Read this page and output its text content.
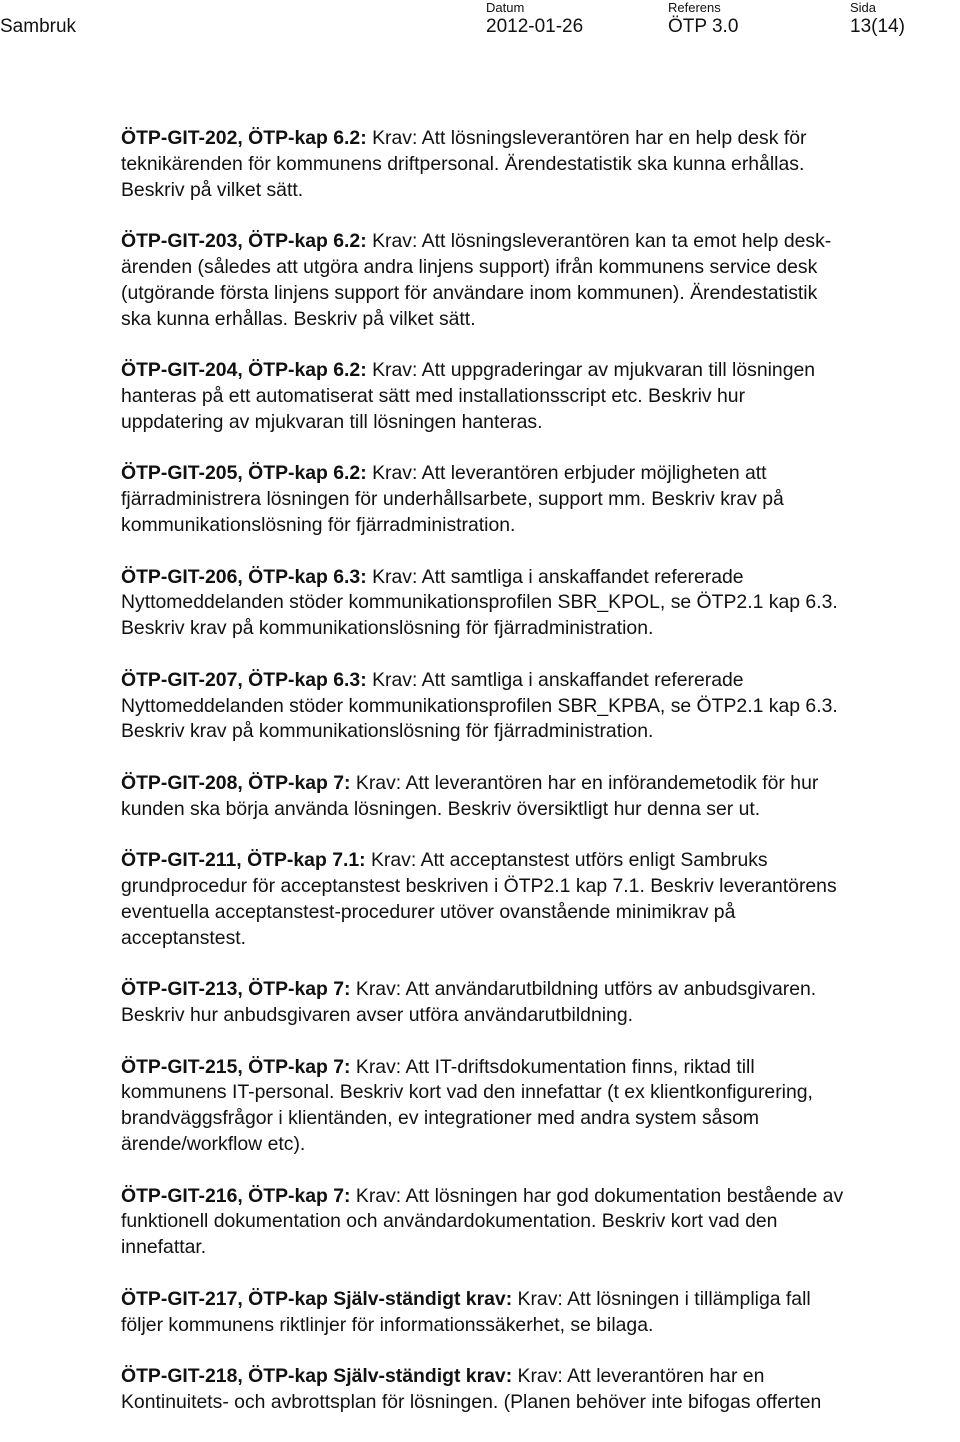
Sambruk
Datum
2012-01-26
Referens
ÖTP 3.0
Sida
13(14)

ÖTP-GIT-202, ÖTP-kap 6.2: Krav: Att lösningsleverantören har en help desk för
teknikärenden för kommunens driftpersonal. Ärendestatistik ska kunna erhållas.
Beskriv på vilket sätt.

ÖTP-GIT-203, ÖTP-kap 6.2: Krav: Att lösningsleverantören kan ta emot help desk-
ärenden (således att utgöra andra linjens support) ifrån kommunens service desk
(utgörande första linjens support för användare inom kommunen). Ärendestatistik
ska kunna erhållas. Beskriv på vilket sätt.

ÖTP-GIT-204, ÖTP-kap 6.2: Krav: Att uppgraderingar av mjukvaran till lösningen
hanteras på ett automatiserat sätt med installationsscript etc. Beskriv hur
uppdatering av mjukvaran till lösningen hanteras.

ÖTP-GIT-205, ÖTP-kap 6.2: Krav: Att leverantören erbjuder möjligheten att
fjärradministrera lösningen för underhållsarbete, support mm. Beskriv krav på
kommunikationslösning för fjärradministration.

ÖTP-GIT-206, ÖTP-kap 6.3: Krav: Att samtliga i anskaffandet refererade
Nyttomeddelanden stöder kommunikationsprofilen SBR_KPOL, se ÖTP2.1 kap 6.3.
Beskriv krav på kommunikationslösning för fjärradministration.

ÖTP-GIT-207, ÖTP-kap 6.3: Krav: Att samtliga i anskaffandet refererade
Nyttomeddelanden stöder kommunikationsprofilen SBR_KPBA, se ÖTP2.1 kap 6.3.
Beskriv krav på kommunikationslösning för fjärradministration.

ÖTP-GIT-208, ÖTP-kap 7: Krav: Att leverantören har en införandemetodik för hur
kunden ska börja använda lösningen. Beskriv översiktligt hur denna ser ut.

ÖTP-GIT-211, ÖTP-kap 7.1: Krav: Att acceptanstest utförs enligt Sambruks
grundprocedur för acceptanstest beskriven i ÖTP2.1 kap 7.1. Beskriv leverantörens
eventuella acceptanstest-procedurer utöver ovanstående minimikrav på
acceptanstest.

ÖTP-GIT-213, ÖTP-kap 7: Krav: Att användarutbildning utförs av anbudsgivaren.
Beskriv hur anbudsgivaren avser utföra användarutbildning.

ÖTP-GIT-215, ÖTP-kap 7: Krav: Att IT-driftsdokumentation finns, riktad till
kommunens IT-personal. Beskriv kort vad den innefattar (t ex klientkonfigurering,
brandväggsfrågor i klientänden, ev integrationer med andra system såsom
ärende/workflow etc).

ÖTP-GIT-216, ÖTP-kap 7: Krav: Att lösningen har god dokumentation bestående av
funktionell dokumentation och användardokumentation. Beskriv kort vad den
innefattar.

ÖTP-GIT-217, ÖTP-kap Själv-ständigt krav: Krav: Att lösningen i tillämpliga fall
följer kommunens riktlinjer för informationssäkerhet, se bilaga.

ÖTP-GIT-218, ÖTP-kap Själv-ständigt krav: Krav: Att leverantören har en
Kontinuitets- och avbrottsplan för lösningen. (Planen behöver inte bifogas offerten
